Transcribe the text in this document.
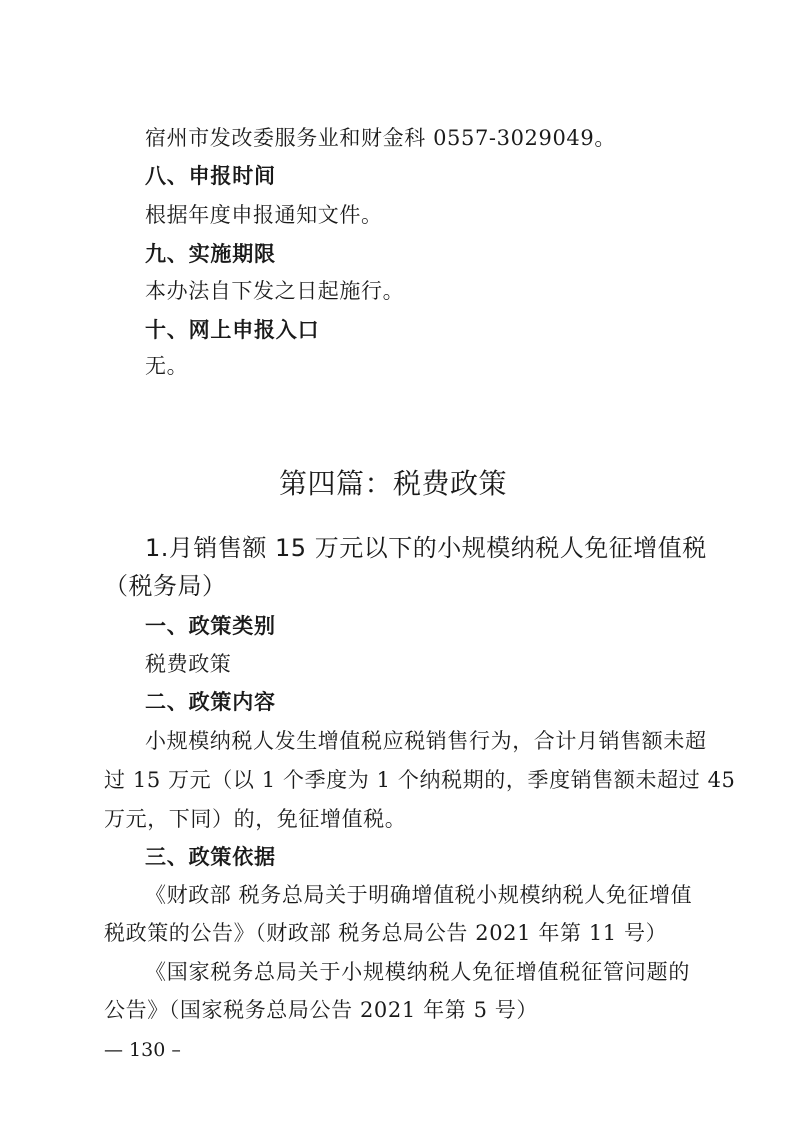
宿州市发改委服务业和财金科 0557-3029049。
八、申报时间
根据年度申报通知文件。
九、实施期限
本办法自下发之日起施行。
十、网上申报入口
无。
第四篇：税费政策
1.月销售额 15 万元以下的小规模纳税人免征增值税
（税务局）
一、政策类别
税费政策
二、政策内容
小规模纳税人发生增值税应税销售行为，合计月销售额未超
过 15 万元（以 1 个季度为 1 个纳税期的，季度销售额未超过 45
万元，下同）的，免征增值税。
三、政策依据
《财政部 税务总局关于明确增值税小规模纳税人免征增值
税政策的公告》（财政部 税务总局公告 2021 年第 11 号）
《国家税务总局关于小规模纳税人免征增值税征管问题的
公告》（国家税务总局公告 2021 年第 5 号）
— 130 –
